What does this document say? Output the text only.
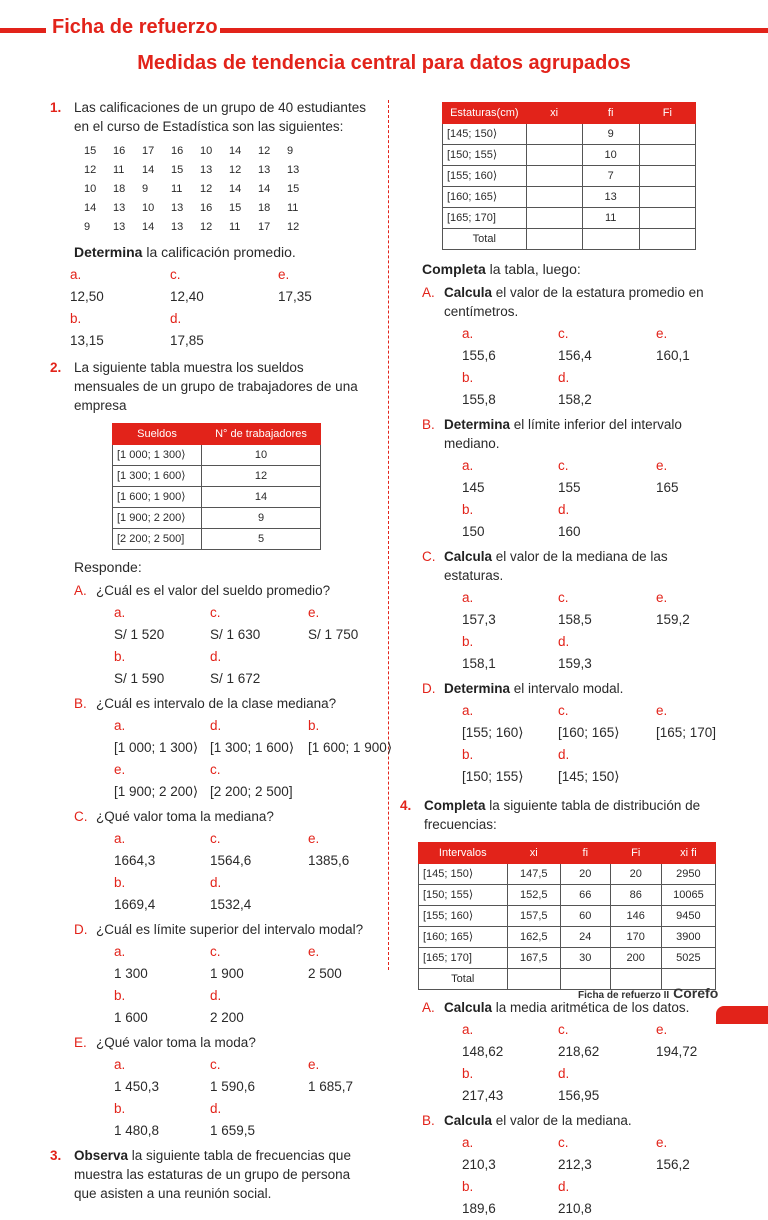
Ficha de refuerzo
Medidas de tendencia central para datos agrupados
1. Las calificaciones de un grupo de 40 estudiantes en el curso de Estadística son las siguientes:
15	16	17	16	10	14	12	9
12	11	14	15	13	12	13	13
10	18	9	11	12	14	14	15
14	13	10	13	16	15	18	11
9	13	14	13	12	11	17	12
Determina la calificación promedio.
a.
12,50
c.
12,40
e.
17,35
b.
13,15
d.
17,85
2. La siguiente tabla muestra los sueldos mensuales de un grupo de trabajadores de una empresa
Sueldos	N° de trabajadores
[1 000; 1 300⟩	10
[1 300; 1 600⟩	12
[1 600; 1 900⟩	14
[1 900; 2 200⟩	9
[2 200; 2 500]	5
Responde:
A. ¿Cuál es el valor del sueldo promedio?
a.
S/ 1 520
c.
S/ 1 630
e.
S/ 1 750
b.
S/ 1 590
d.
S/ 1 672
B. ¿Cuál es intervalo de la clase mediana?
a.
[1 000; 1 300⟩
d.
[1 300; 1 600⟩
b.
[1 600; 1 900⟩
e.
[1 900; 2 200⟩
c.
[2 200; 2 500]
C. ¿Qué valor toma la mediana?
a.
1664,3
c.
1564,6
e.
1385,6
b.
1669,4
d.
1532,4
D. ¿Cuál es límite superior del intervalo modal?
a.
1 300
c.
1 900
e.
2 500
b.
1 600
d.
2 200
E. ¿Qué valor toma la moda?
a.
1 450,3
c.
1 590,6
e.
1 685,7
b.
1 480,8
d.
1 659,5
3. Observa la siguiente tabla de frecuencias que muestra las estaturas de un grupo de persona que asisten a una reunión social.
Estaturas(cm)	xi	fi	Fi
[145; 150⟩		9	
[150; 155⟩		10	
[155; 160⟩		7	
[160; 165⟩		13	
[165; 170]		11	
Total			
Completa la tabla, luego:
A. Calcula el valor de la estatura promedio en centímetros.
a.
155,6
c.
156,4
e.
160,1
b.
155,8
d.
158,2
B. Determina el límite inferior del intervalo mediano.
a.
145
c.
155
e.
165
b.
150
d.
160
C. Calcula el valor de la mediana de las estaturas.
a.
157,3
c.
158,5
e.
159,2
b.
158,1
d.
159,3
D. Determina el intervalo modal.
a.
[155; 160⟩
c.
[160; 165⟩
e.
[165; 170]
b.
[150; 155⟩
d.
[145; 150⟩
4. Completa la siguiente tabla de distribución de frecuencias:
Intervalos	xi	fi	Fi	xi fi
[145; 150⟩	147,5	20	20	2950
[150; 155⟩	152,5	66	86	10065
[155; 160⟩	157,5	60	146	9450
[160; 165⟩	162,5	24	170	3900
[165; 170]	167,5	30	200	5025
Total				
A. Calcula la media aritmética de los datos.
a.
148,62
c.
218,62
e.
194,72
b.
217,43
d.
156,95
B. Calcula el valor de la mediana.
a.
210,3
c.
212,3
e.
156,2
b.
189,6
d.
210,8
Ficha de refuerzo II Corefo
